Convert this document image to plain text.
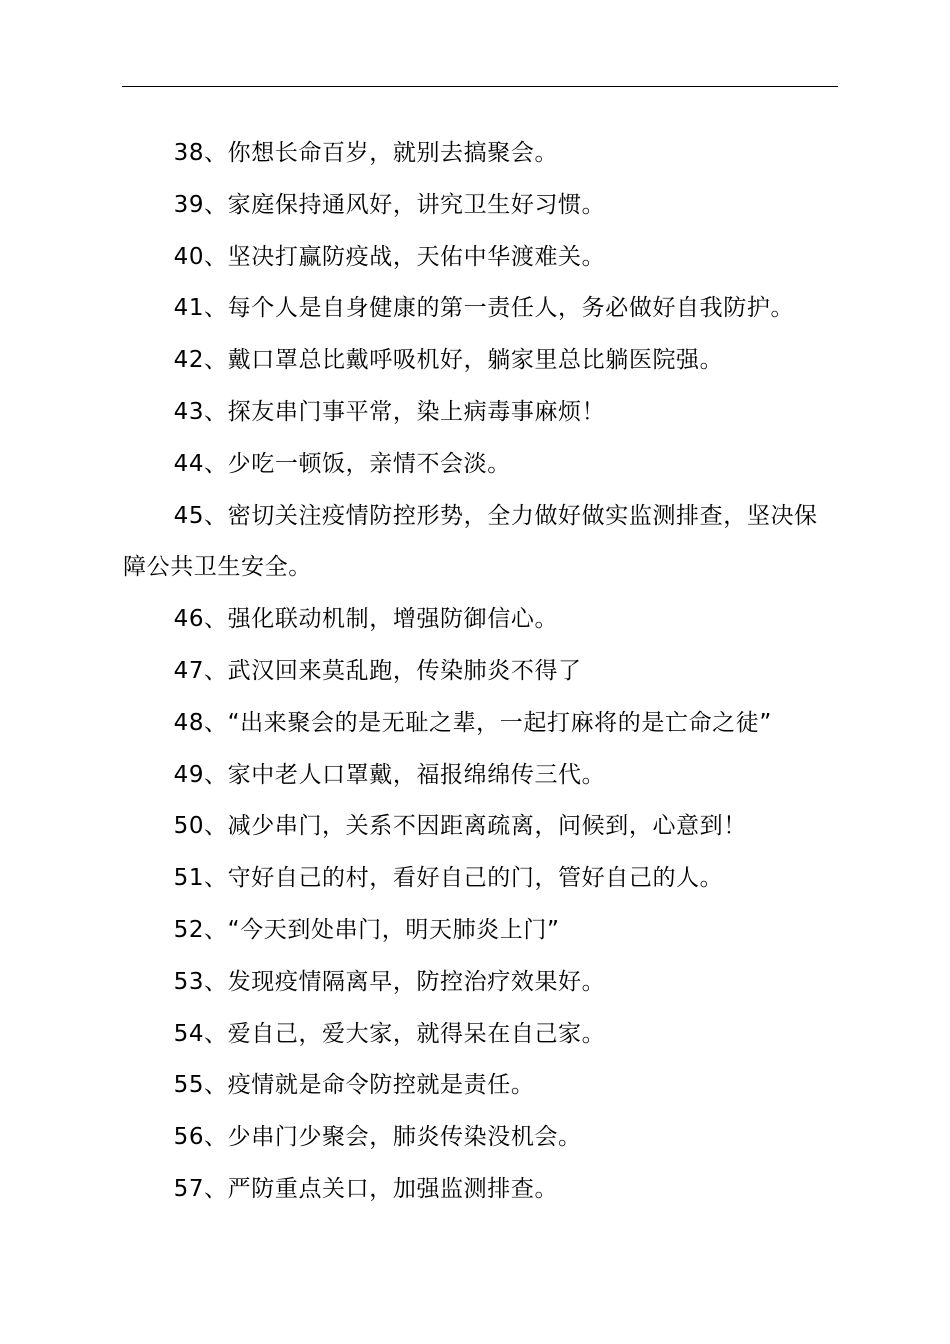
38、你想长命百岁，就别去搞聚会。

39、家庭保持通风好，讲究卫生好习惯。

40、坚决打赢防疫战，天佑中华渡难关。

41、每个人是自身健康的第一责任人，务必做好自我防护。

42、戴口罩总比戴呼吸机好，躺家里总比躺医院强。

43、探友串门事平常，染上病毒事麻烦！

44、少吃一顿饭，亲情不会淡。

45、密切关注疫情防控形势，全力做好做实监测排查，坚决保障公共卫生安全。

46、强化联动机制，增强防御信心。

47、武汉回来莫乱跑，传染肺炎不得了

48、“出来聚会的是无耻之辈，一起打麻将的是亡命之徒”

49、家中老人口罩戴，福报绵绵传三代。

50、减少串门，关系不因距离疏离，问候到，心意到！

51、守好自己的村，看好自己的门，管好自己的人。

52、“今天到处串门，明天肺炎上门”

53、发现疫情隔离早，防控治疗效果好。

54、爱自己，爱大家，就得呆在自己家。

55、疫情就是命令防控就是责任。

56、少串门少聚会，肺炎传染没机会。

57、严防重点关口，加强监测排查。
